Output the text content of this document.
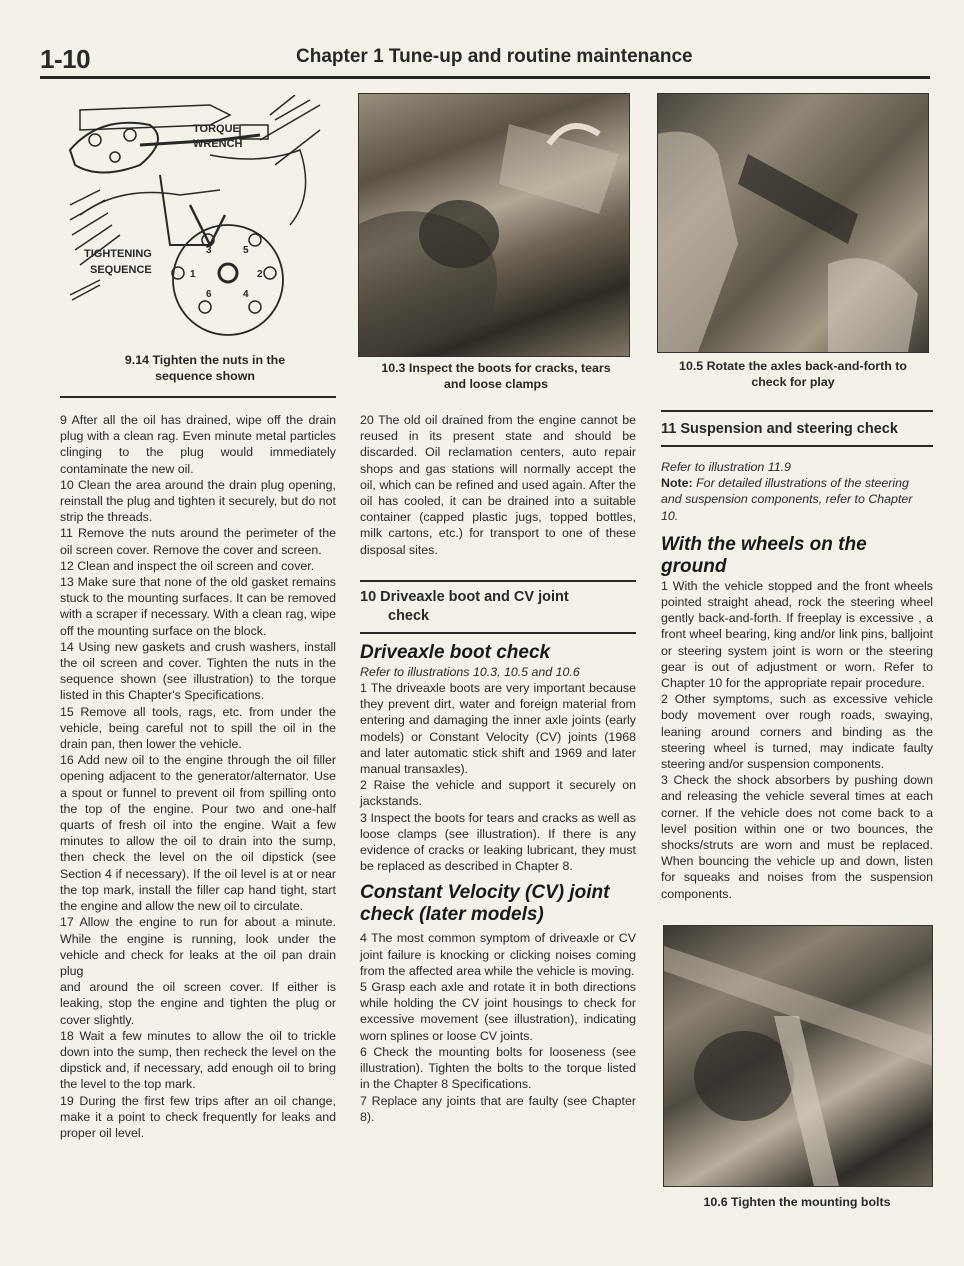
1-10	Chapter 1 Tune-up and routine maintenance
TORQUE
WRENCH
TIGHTENING
SEQUENCE	1	2
3
4
5
6
9.14 Tighten the nuts in the
sequence shown
10.3 Inspect the boots for cracks, tears
and loose clamps
10.5 Rotate the axles back-and-forth to
check for play

9 After all the oil has drained, wipe off the drain plug with a clean rag. Even minute metal particles clinging to the plug would immediately contaminate the new oil.

10 Clean the area around the drain plug opening, reinstall the plug and tighten it securely, but do not strip the threads.

11 Remove the nuts around the perimeter of the oil screen cover. Remove the cover and screen.

12 Clean and inspect the oil screen and cover.

13 Make sure that none of the old gasket remains stuck to the mounting surfaces. It can be removed with a scraper if necessary. With a clean rag, wipe off the mounting surface on the block.

14 Using new gaskets and crush washers, install the oil screen and cover. Tighten the nuts in the sequence shown (see illustration) to the torque listed in this Chapter's Specifications.

15 Remove all tools, rags, etc. from under the vehicle, being careful not to spill the oil in the drain pan, then lower the vehicle.

16 Add new oil to the engine through the oil filler opening adjacent to the generator/alternator. Use a spout or funnel to prevent oil from spilling onto the top of the engine. Pour two and one-half quarts of fresh oil into the engine. Wait a few minutes to allow the oil to drain into the sump, then check the level on the oil dipstick (see Section 4 if necessary). If the oil level is at or near the top mark, install the filler cap hand tight, start the engine and allow the new oil to circulate.

17 Allow the engine to run for about a minute. While the engine is running, look under the vehicle and check for leaks at the oil pan drain plug

and around the oil screen cover. If either is leaking, stop the engine and tighten the plug or cover slightly.

18 Wait a few minutes to allow the oil to trickle down into the sump, then recheck the level on the dipstick and, if necessary, add enough oil to bring the level to the top mark.

19 During the first few trips after an oil change, make it a point to check frequently for leaks and proper oil level.

20 The old oil drained from the engine cannot be reused in its present state and should be discarded. Oil reclamation centers, auto repair shops and gas stations will normally accept the oil, which can be refined and used again. After the oil has cooled, it can be drained into a suitable container (capped plastic jugs, topped bottles, milk cartons, etc.) for transport to one of these disposal sites.

10 Driveaxle boot and CV joint
check

Driveaxle boot check

Refer to illustrations 10.3, 10.5 and 10.6

1 The driveaxle boots are very important because they prevent dirt, water and foreign material from entering and damaging the inner axle joints (early models) or Constant Velocity (CV) joints (1968 and later automatic stick shift and 1969 and later manual transaxles).

2 Raise the vehicle and support it securely on jackstands.

3 Inspect the boots for tears and cracks as well as loose clamps (see illustration). If there is any evidence of cracks or leaking lubricant, they must be replaced as described in Chapter 8.

Constant Velocity (CV) joint
check (later models)

4 The most common symptom of driveaxle or CV joint failure is knocking or clicking noises coming from the affected area while the vehicle is moving.

5 Grasp each axle and rotate it in both directions while holding the CV joint housings to check for excessive movement (see illustration), indicating worn splines or loose CV joints.

6 Check the mounting bolts for looseness (see illustration). Tighten the bolts to the torque listed in the Chapter 8 Specifications.

7 Replace any joints that are faulty (see Chapter 8).

11 Suspension and steering check

Refer to illustration 11.9

Note: For detailed illustrations of the steering and suspension components, refer to Chapter 10.

With the wheels on the ground

1 With the vehicle stopped and the front wheels pointed straight ahead, rock the steering wheel gently back-and-forth. If freeplay is excessive , a front wheel bearing, king and/or link pins, balljoint or steering system joint is worn or the steering gear is out of adjustment or worn. Refer to Chapter 10 for the appropriate repair procedure.

2 Other symptoms, such as excessive vehicle body movement over rough roads, swaying, leaning around corners and binding as the steering wheel is turned, may indicate faulty steering and/or suspension components.

3 Check the shock absorbers by pushing down and releasing the vehicle several times at each corner. If the vehicle does not come back to a level position within one or two bounces, the shocks/struts are worn and must be replaced. When bouncing the vehicle up and down, listen for squeaks and noises from the suspension components.

10.6 Tighten the mounting bolts
